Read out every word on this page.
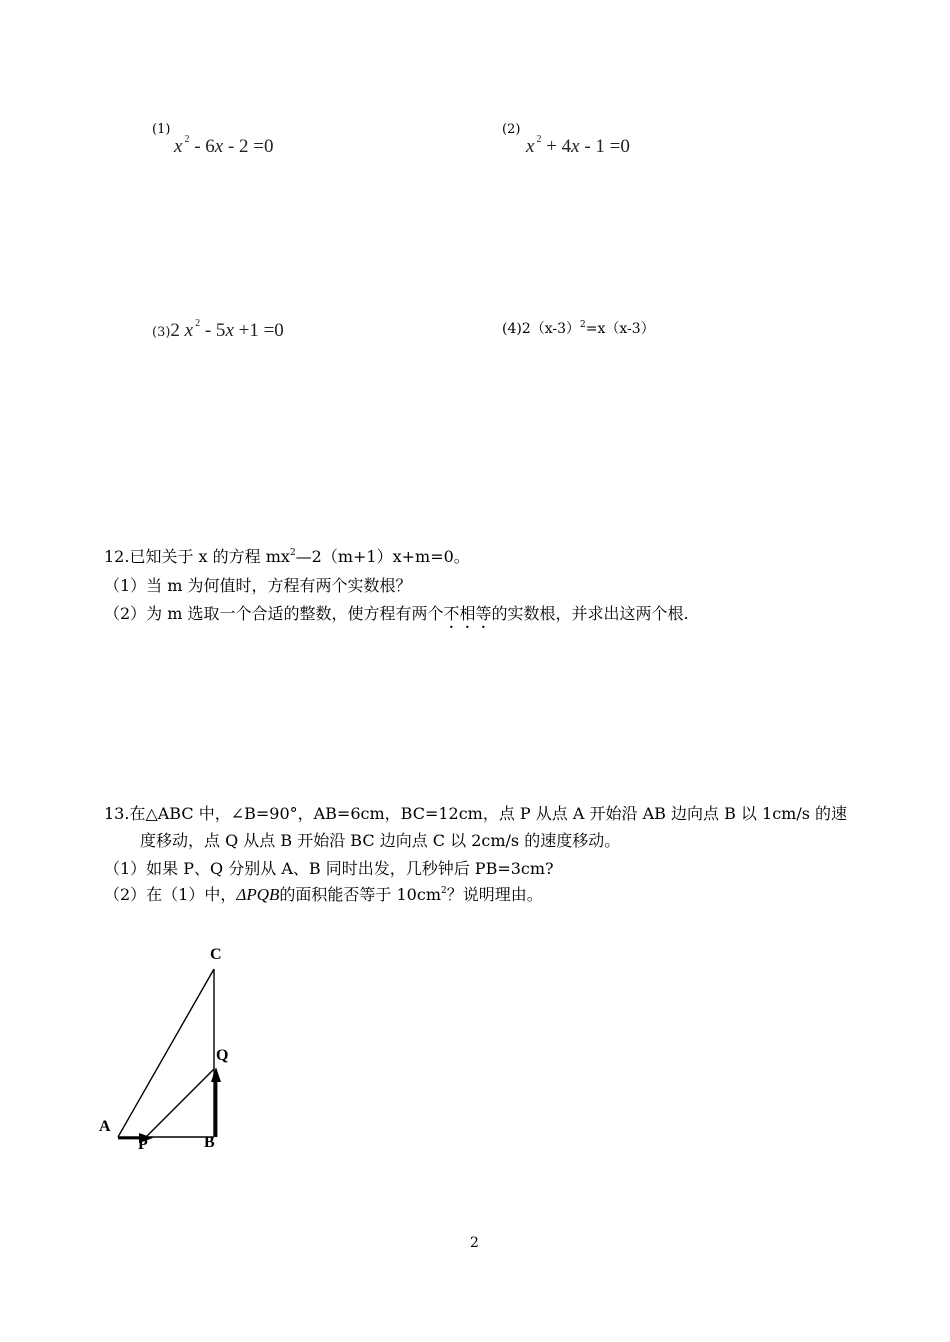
(1)
x $^2$ - 6x - 2 =0
(2)
x $^2$ + 4x - 1 =0
(3)2 x $^2$ - 5x +1 =0	$(4)2(x-3)^2=x(x-3)$
12.已知关于 x 的方程 $mx^2—2(m+1)x+m=0$。
（1）当 m 为何值时，方程有两个实数根？
（2）为 m 选取一个合适的整数，使方程有两个不相等的实数根，并求出这两个根.
13.在△ABC 中，∠B=90°，AB=6cm，BC=12cm，点 P 从点 A 开始沿 AB 边向点 B 以 1cm/s 的速
度移动，点 Q 从点 B 开始沿 BC 边向点 C 以 2cm/s 的速度移动。
（1）如果 P、Q 分别从 A、B 同时出发，几秒钟后 PB=3cm?
（2）在（1）中，ΔPQB的面积能否等于 $10cm^2$？说明理由。
C
Q
A
P	B
2
